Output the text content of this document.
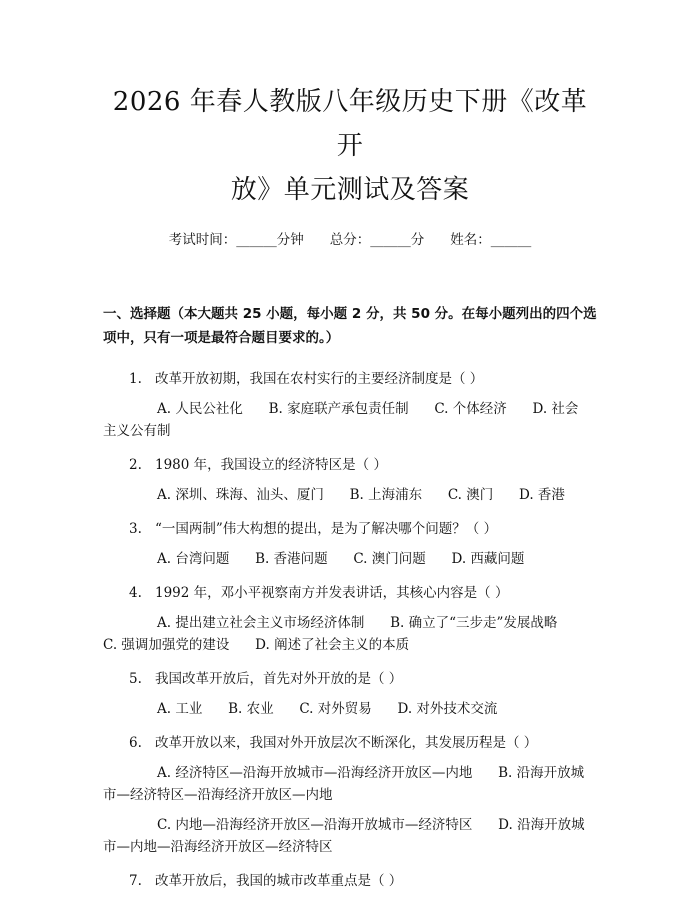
2026 年春人教版八年级历史下册《改革开
放》单元测试及答案
考试时间：______分钟 总分：______分 姓名：______
一、选择题（本大题共 25 小题，每小题 2 分，共 50 分。在每小题列出的四个选
项中，只有一项是最符合题目要求的。）
1. 改革开放初期，我国在农村实行的主要经济制度是（ ）
A. 人民公社化      B. 家庭联产承包责任制      C. 个体经济      D. 社会
主义公有制
2. 1980 年，我国设立的经济特区是（ ）
A. 深圳、珠海、汕头、厦门      B. 上海浦东      C. 澳门      D. 香港
3. “一国两制”伟大构想的提出，是为了解决哪个问题？（ ）
A. 台湾问题      B. 香港问题      C. 澳门问题      D. 西藏问题
4. 1992 年，邓小平视察南方并发表讲话，其核心内容是（ ）
A. 提出建立社会主义市场经济体制      B. 确立了“三步走”发展战略
C. 强调加强党的建设      D. 阐述了社会主义的本质
5. 我国改革开放后，首先对外开放的是（ ）
A. 工业      B. 农业      C. 对外贸易      D. 对外技术交流
6. 改革开放以来，我国对外开放层次不断深化，其发展历程是（ ）
A. 经济特区—沿海开放城市—沿海经济开放区—内地      B. 沿海开放城
市—经济特区—沿海经济开放区—内地
C. 内地—沿海经济开放区—沿海开放城市—经济特区      D. 沿海开放城
市—内地—沿海经济开放区—经济特区
7. 改革开放后，我国的城市改革重点是（ ）
